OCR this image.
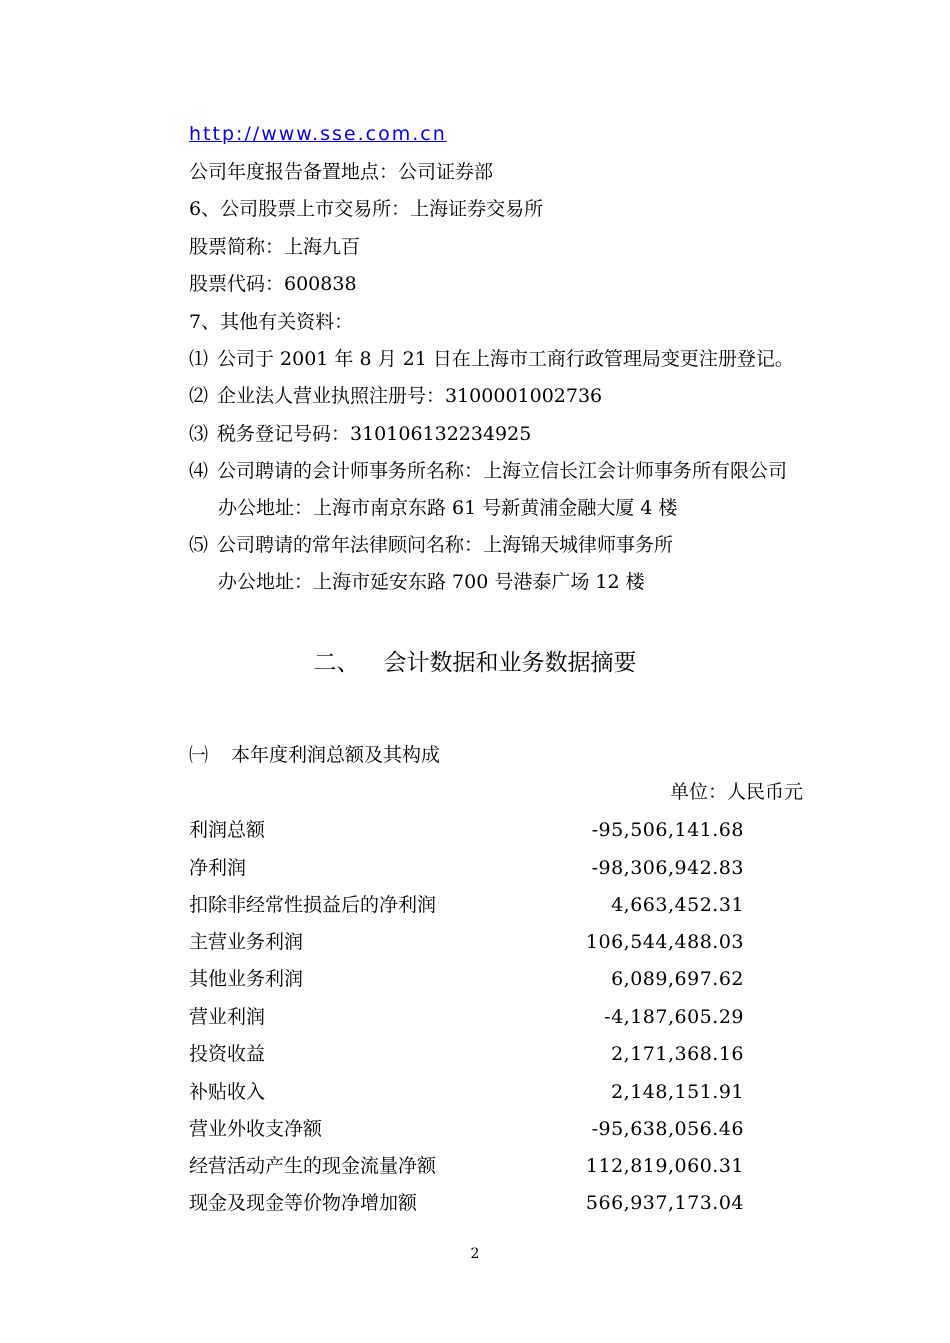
http://www.sse.com.cn
公司年度报告备置地点：公司证券部
6、公司股票上市交易所：上海证券交易所
股票简称：上海九百
股票代码：600838
7、其他有关资料：
⑴ 公司于 2001 年 8 月 21 日在上海市工商行政管理局变更注册登记。
⑵ 企业法人营业执照注册号：3100001002736
⑶ 税务登记号码：310106132234925
⑷ 公司聘请的会计师事务所名称：上海立信长江会计师事务所有限公司
办公地址：上海市南京东路 61 号新黄浦金融大厦 4 楼
⑸ 公司聘请的常年法律顾问名称：上海锦天城律师事务所
办公地址：上海市延安东路 700 号港泰广场 12 楼
二、 会计数据和业务数据摘要
㈠ 本年度利润总额及其构成
单位：人民币元
利润总额	-95,506,141.68
净利润	-98,306,942.83
扣除非经常性损益后的净利润	4,663,452.31
主营业务利润	106,544,488.03
其他业务利润	6,089,697.62
营业利润	-4,187,605.29
投资收益	2,171,368.16
补贴收入	2,148,151.91
营业外收支净额	-95,638,056.46
经营活动产生的现金流量净额	112,819,060.31
现金及现金等价物净增加额	566,937,173.04
2
